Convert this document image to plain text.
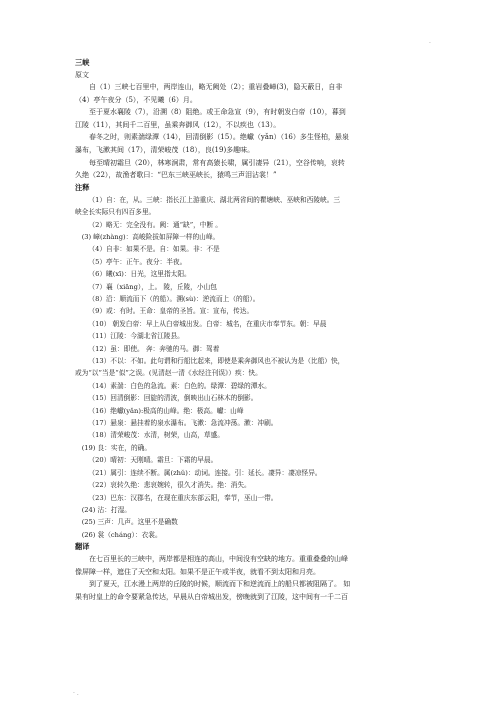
·
三峡
原文
自（1）三峡七百里中，两岸连山，略无阙处（2）；重岩叠嶂(3)，隐天蔽日，自非
（4）亭午夜分（5），不见曦（6）月。
至于夏水襄陵（7），沿溯（8）阻绝。或王命急宣（9），有时朝发白帝（10），暮到
江陵（11），其间千二百里，虽乘奔御风（12），不以疾也（13）。
春冬之时，则素湍绿潭（14），回清倒影（15）。绝巘（yǎn）（16）多生怪柏，悬泉
瀑布，飞漱其间（17），清荣峻茂（18），良(19)多趣味。
每至晴初霜旦（20），林寒涧肃，常有高猿长啸，属引凄异（21），空谷传响，哀转
久绝（22），故渔者歌曰：“巴东三峡巫峡长，猿鸣三声泪沾裳！”
注释
（1）自：在，从。三峡：指长江上游重庆、湖北两省间的瞿塘峡、巫峡和西陵峡。三
峡全长实际只有四百多里。
（2）略无：完全没有。阙：通“缺”，中断 。
(3) 嶂(zhàng)：高峻险拔如屏障一样的山峰。
（4）自非：如果不是。自：如果。非：不是
（5）亭午：正午。夜分：半夜。
（6）曦(xī)：日光，这里指太阳。
（7）襄（xiāng），上。 陵，丘陵，小山包
（8）沿：顺流而下（的船）。溯(sù)：逆流而上（的船）。
（9）或：有时。王命：皇帝的圣旨。宣：宣布，传达。
（10） 朝发白帝：早上从白帝城出发。白帝：城名，在重庆市奉节东。朝：早晨
（11）江陵：今湖北省江陵县。
（12）虽：即使。 奔：奔驰的马。御：驾着
（13）不以：不如。此句谓和行船比起来，即使是乘奔御风也不被认为是（比船）快，
或为“以”当是“似”之误。(见清赵一清《水经注刊误》）疾：快。
（14）素湍：白色的急流。素：白色的。绿潭：碧绿的潭水。
（15）回清倒影：回旋的清波，倒映出山石林木的倒影。
（16）绝巘(yǎn):极高的山峰。绝：极高。巘：山峰
（17）悬泉：悬挂着的泉水瀑布。飞漱：急流冲荡。漱：冲刷。
（18）清荣峻茂：水清，树荣，山高，草盛。
(19) 良：实在，的确。
（20）晴初：天刚晴。霜旦：下霜的早晨。
（21）属引：连续不断。属(zhǔ)：动词。连接。引：延长。凄异：凄凉怪异。
（22）哀转久绝：悲哀婉转，很久才消失。绝：消失。
（23）巴东：汉郡名，在现在重庆东部云阳，奉节，巫山一带。
(24) 沾：打湿。
(25) 三声：几声。这里不是确数
(26) 裳（cháng）：衣裳。
翻译
在七百里长的三峡中，两岸都是相连的高山，中间没有空缺的地方。重重叠叠的山峰
像屏障一样，遮住了天空和太阳。如果不是正午或半夜，就看不到太阳和月亮。
到了夏天，江水漫上两岸的丘陵的时候，顺流而下和逆流而上的船只都被阻隔了。 如
果有时皇上的命令要紧急传达，早晨从白帝城出发，傍晚就到了江陵，这中间有一千二百
· .
